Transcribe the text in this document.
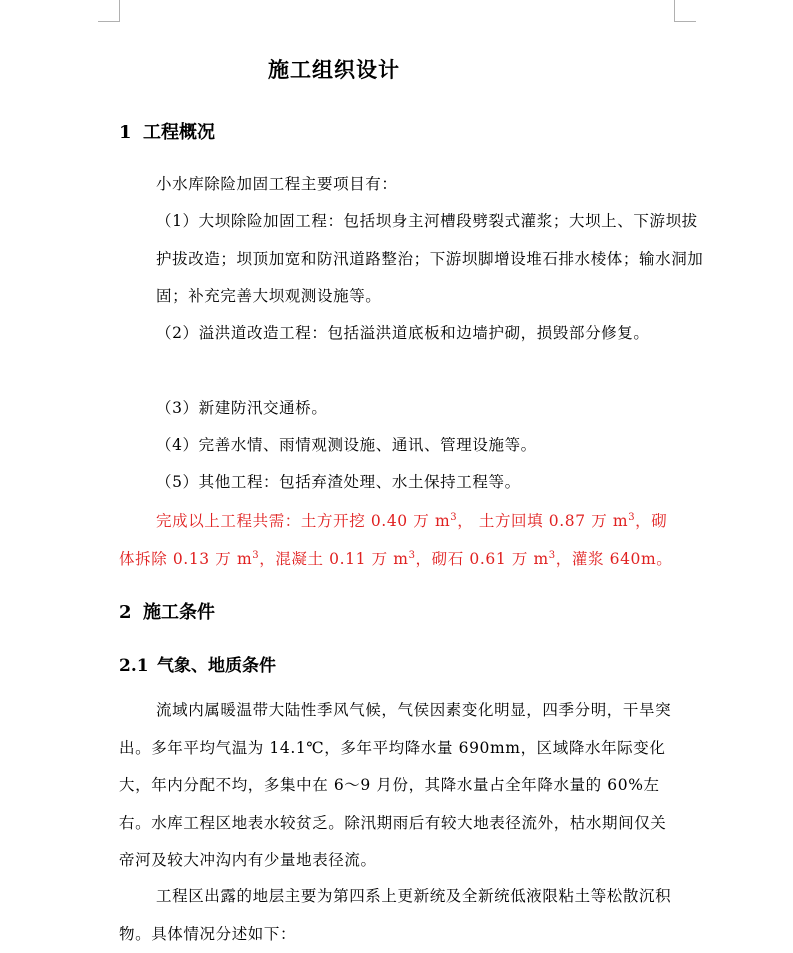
施工组织设计
1 工程概况
小水库除险加固工程主要项目有：
（1）大坝除险加固工程：包括坝身主河槽段劈裂式灌浆；大坝上、下游坝拔护拔改造；坝顶加宽和防汛道路整治；下游坝脚增设堆石排水棱体；输水洞加固；补充完善大坝观测设施等。
（2）溢洪道改造工程：包括溢洪道底板和边墙护砌，损毁部分修复。
（3）新建防汛交通桥。
（4）完善水情、雨情观测设施、通讯、管理设施等。
（5）其他工程：包括弃渣处理、水土保持工程等。
完成以上工程共需：土方开挖 0.40 万 $m^3$， 土方回填 0.87 万 $m^3$，砌体拆除 0.13 万 $m^3$，混凝土 0.11 万 $m^3$，砌石 0.61 万 $m^3$，灌浆 640m。
2 施工条件
2.1 气象、地质条件
流域内属暖温带大陆性季风气候，气侯因素变化明显，四季分明，干旱突出。多年平均气温为 14.1℃，多年平均降水量 690mm，区域降水年际变化大，年内分配不均，多集中在 6～9 月份，其降水量占全年降水量的 60%左右。水库工程区地表水较贫乏。除汛期雨后有较大地表径流外，枯水期间仅关帝河及较大冲沟内有少量地表径流。
工程区出露的地层主要为第四系上更新统及全新统低液限粘土等松散沉积物。具体情况分述如下：
